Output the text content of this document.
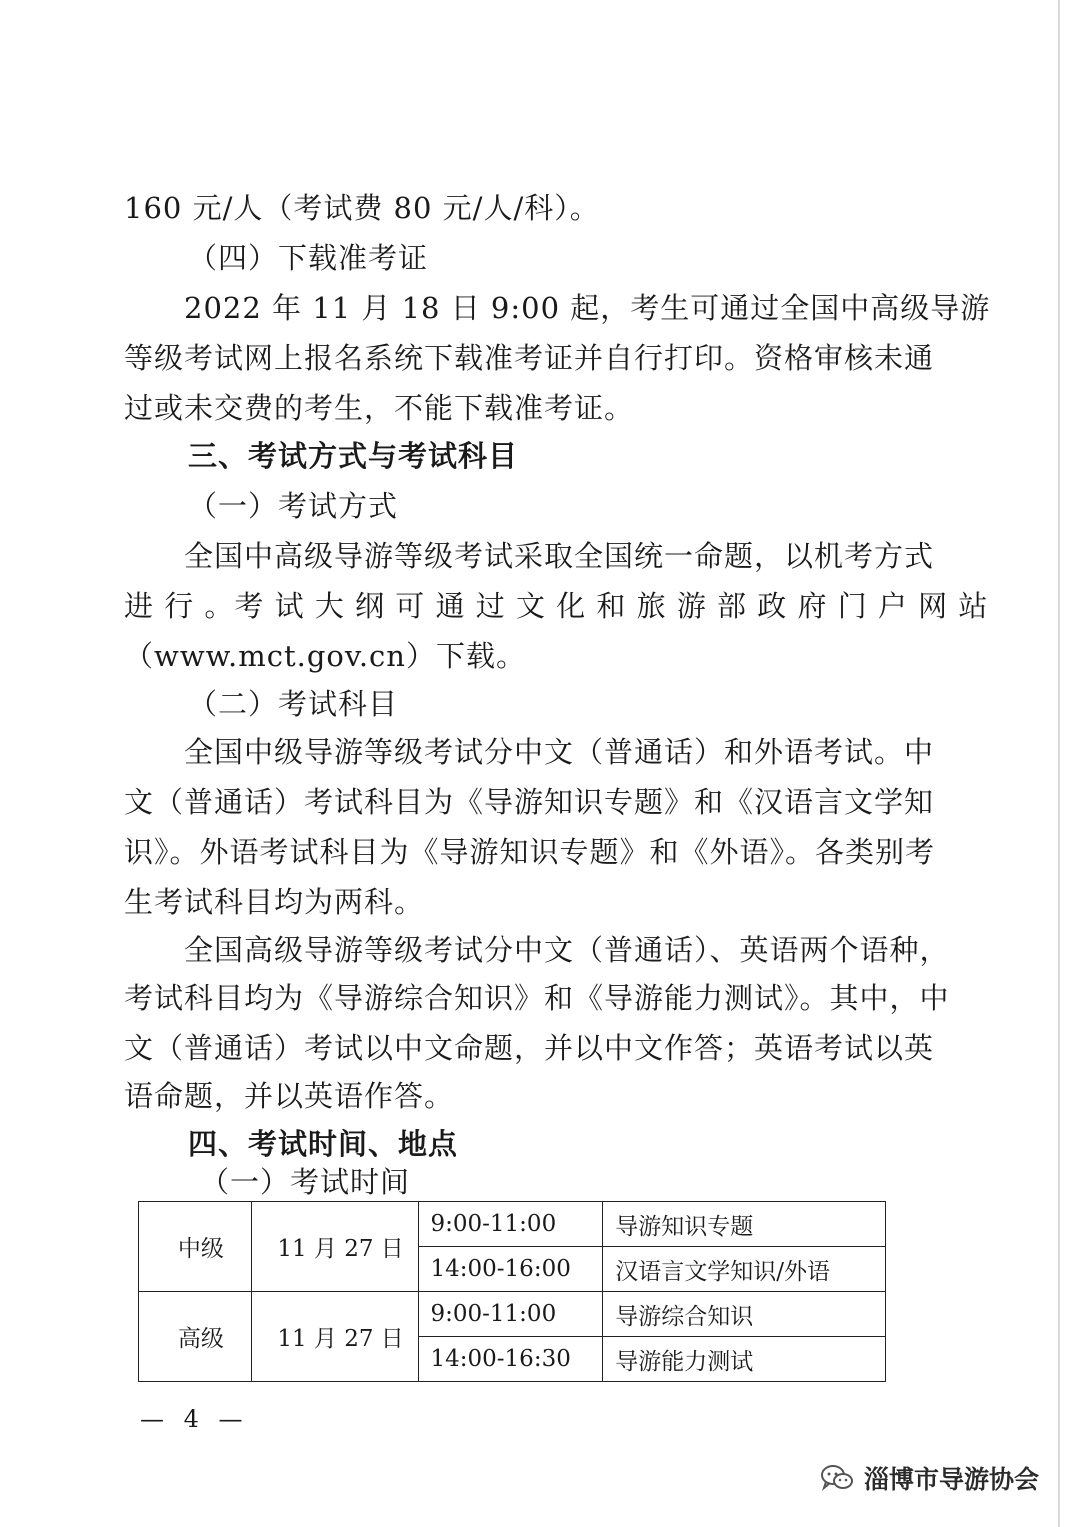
160 元/人（考试费 80 元/人/科）。
（四）下载准考证
2022 年 11 月 18 日 9:00 起，考生可通过全国中高级导游
等级考试网上报名系统下载准考证并自行打印。资格审核未通
过或未交费的考生，不能下载准考证。
三、考试方式与考试科目
（一）考试方式
全国中高级导游等级考试采取全国统一命题，以机考方式
进 行 。考 试 大 纲 可 通 过 文 化 和 旅 游 部 政 府 门 户 网 站
（www.mct.gov.cn）下载。
（二）考试科目
全国中级导游等级考试分中文（普通话）和外语考试。中
文（普通话）考试科目为《导游知识专题》和《汉语言文学知
识》。外语考试科目为《导游知识专题》和《外语》。各类别考
生考试科目均为两科。
全国高级导游等级考试分中文（普通话）、英语两个语种，
考试科目均为《导游综合知识》和《导游能力测试》。其中，中
文（普通话）考试以中文命题，并以中文作答；英语考试以英
语命题，并以英语作答。
四、考试时间、地点
（一）考试时间
中级	11 月 27 日	9:00-11:00	导游知识专题
		14:00-16:00	汉语言文学知识/外语
高级	11 月 27 日	9:00-11:00	导游综合知识
		14:00-16:30	导游能力测试
— 4 —
淄博市导游协会
